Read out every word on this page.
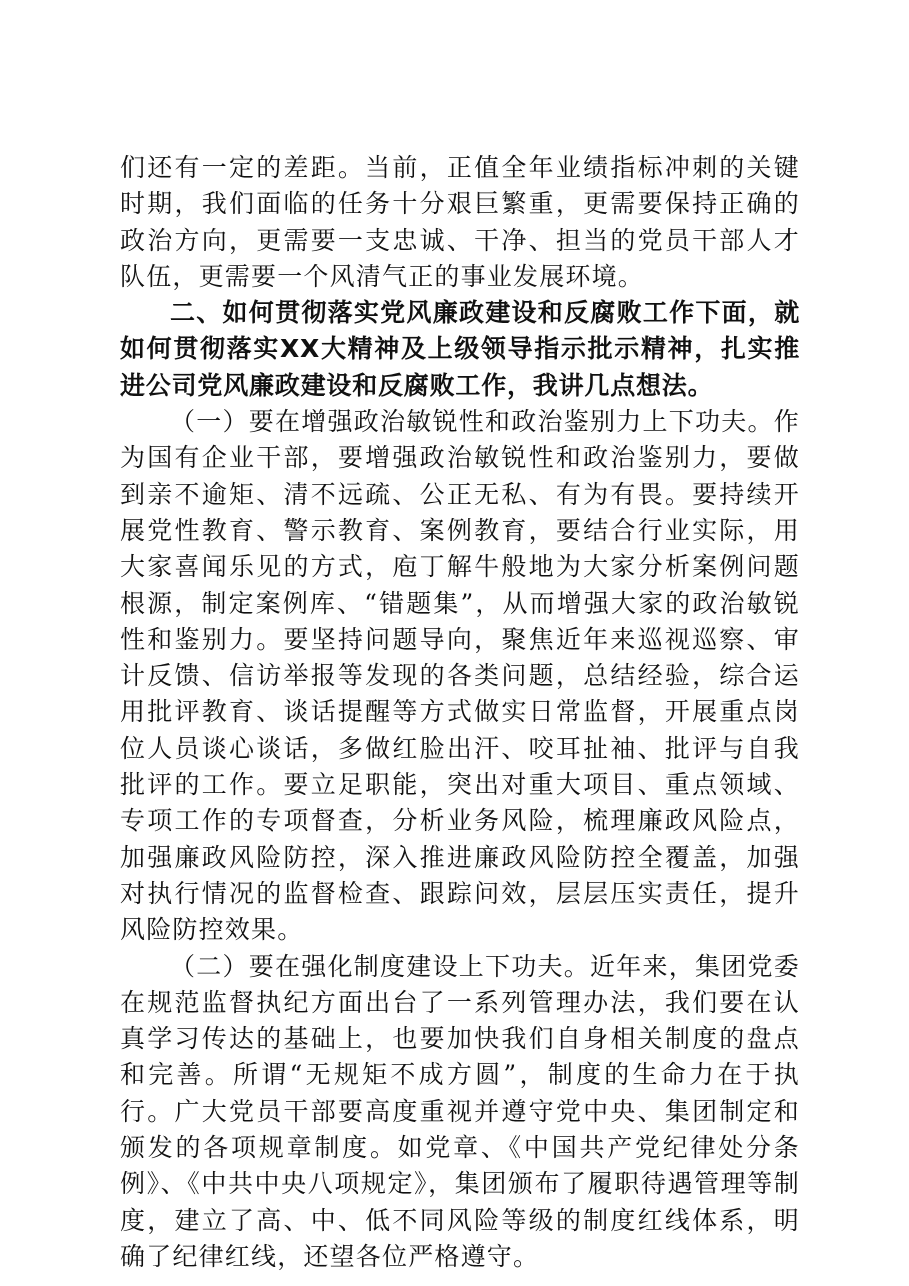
们还有一定的差距。当前，正值全年业绩指标冲刺的关键时期，我们面临的任务十分艰巨繁重，更需要保持正确的政治方向，更需要一支忠诚、干净、担当的党员干部人才队伍，更需要一个风清气正的事业发展环境。

二、如何贯彻落实党风廉政建设和反腐败工作下面，就如何贯彻落实XX大精神及上级领导指示批示精神，扎实推进公司党风廉政建设和反腐败工作，我讲几点想法。

（一）要在增强政治敏锐性和政治鉴别力上下功夫。作为国有企业干部，要增强政治敏锐性和政治鉴别力，要做到亲不逾矩、清不远疏、公正无私、有为有畏。要持续开展党性教育、警示教育、案例教育，要结合行业实际，用大家喜闻乐见的方式，庖丁解牛般地为大家分析案例问题根源，制定案例库、“错题集”，从而增强大家的政治敏锐性和鉴别力。要坚持问题导向，聚焦近年来巡视巡察、审计反馈、信访举报等发现的各类问题，总结经验，综合运用批评教育、谈话提醒等方式做实日常监督，开展重点岗位人员谈心谈话，多做红脸出汗、咬耳扯袖、批评与自我批评的工作。要立足职能，突出对重大项目、重点领域、专项工作的专项督查，分析业务风险，梳理廉政风险点，加强廉政风险防控，深入推进廉政风险防控全覆盖，加强对执行情况的监督检查、跟踪问效，层层压实责任，提升风险防控效果。

（二）要在强化制度建设上下功夫。近年来，集团党委在规范监督执纪方面出台了一系列管理办法，我们要在认真学习传达的基础上，也要加快我们自身相关制度的盘点和完善。所谓“无规矩不成方圆”，制度的生命力在于执行。广大党员干部要高度重视并遵守党中央、集团制定和颁发的各项规章制度。如党章、《中国共产党纪律处分条例》、《中共中央八项规定》，集团颁布了履职待遇管理等制度，建立了高、中、低不同风险等级的制度红线体系，明确了纪律红线，还望各位严格遵守。
